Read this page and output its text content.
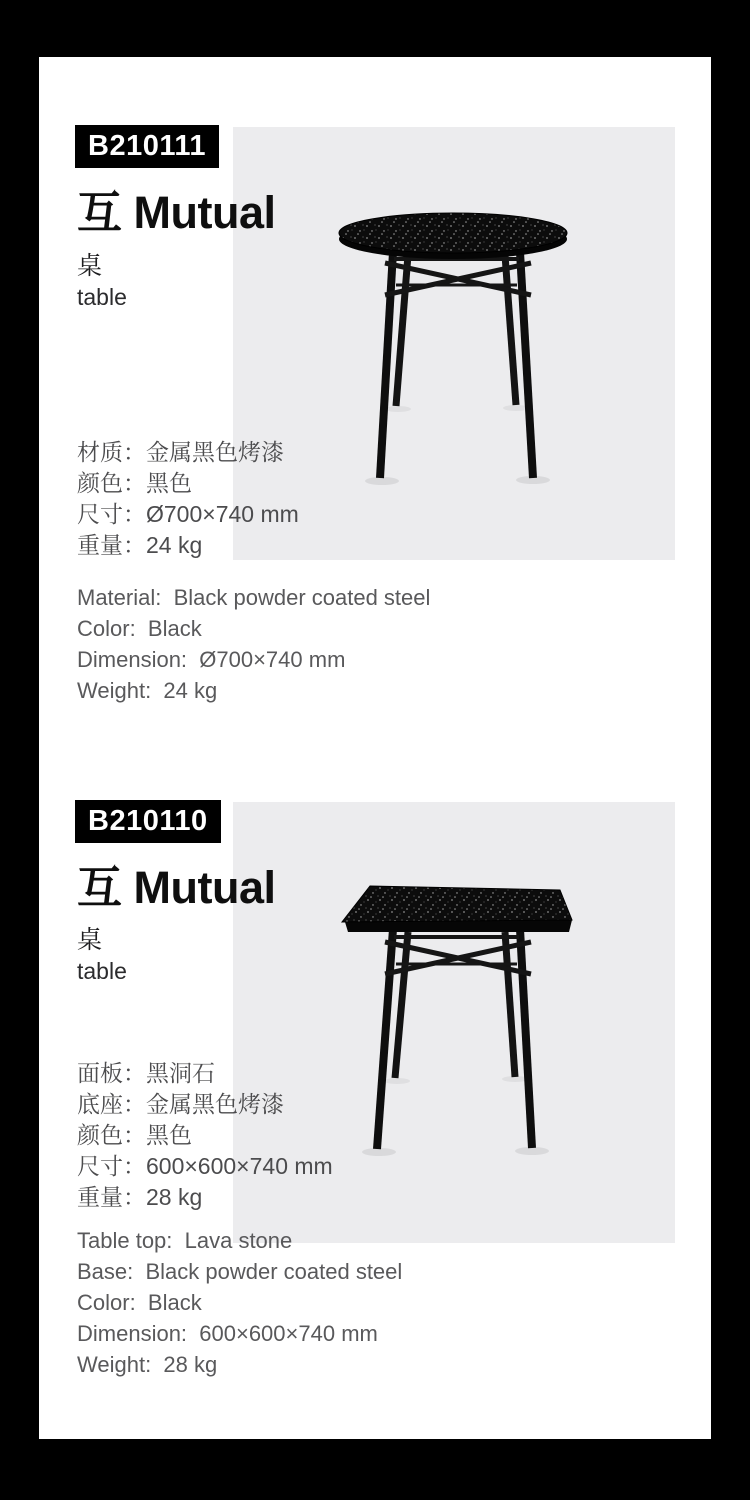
B210111
互 Mutual
桌
table
材质：金属黑色烤漆
颜色：黑色
尺寸：Ø700×740 mm
重量：24 kg
Material:  Black powder coated steel
Color:  Black
Dimension:  Ø700×740 mm
Weight:  24 kg
B210110
互 Mutual
桌
table
面板：黑洞石
底座：金属黑色烤漆
颜色：黑色
尺寸：600×600×740 mm
重量：28 kg
Table top:  Lava stone
Base:  Black powder coated steel
Color:  Black
Dimension:  600×600×740 mm
Weight:  28 kg
